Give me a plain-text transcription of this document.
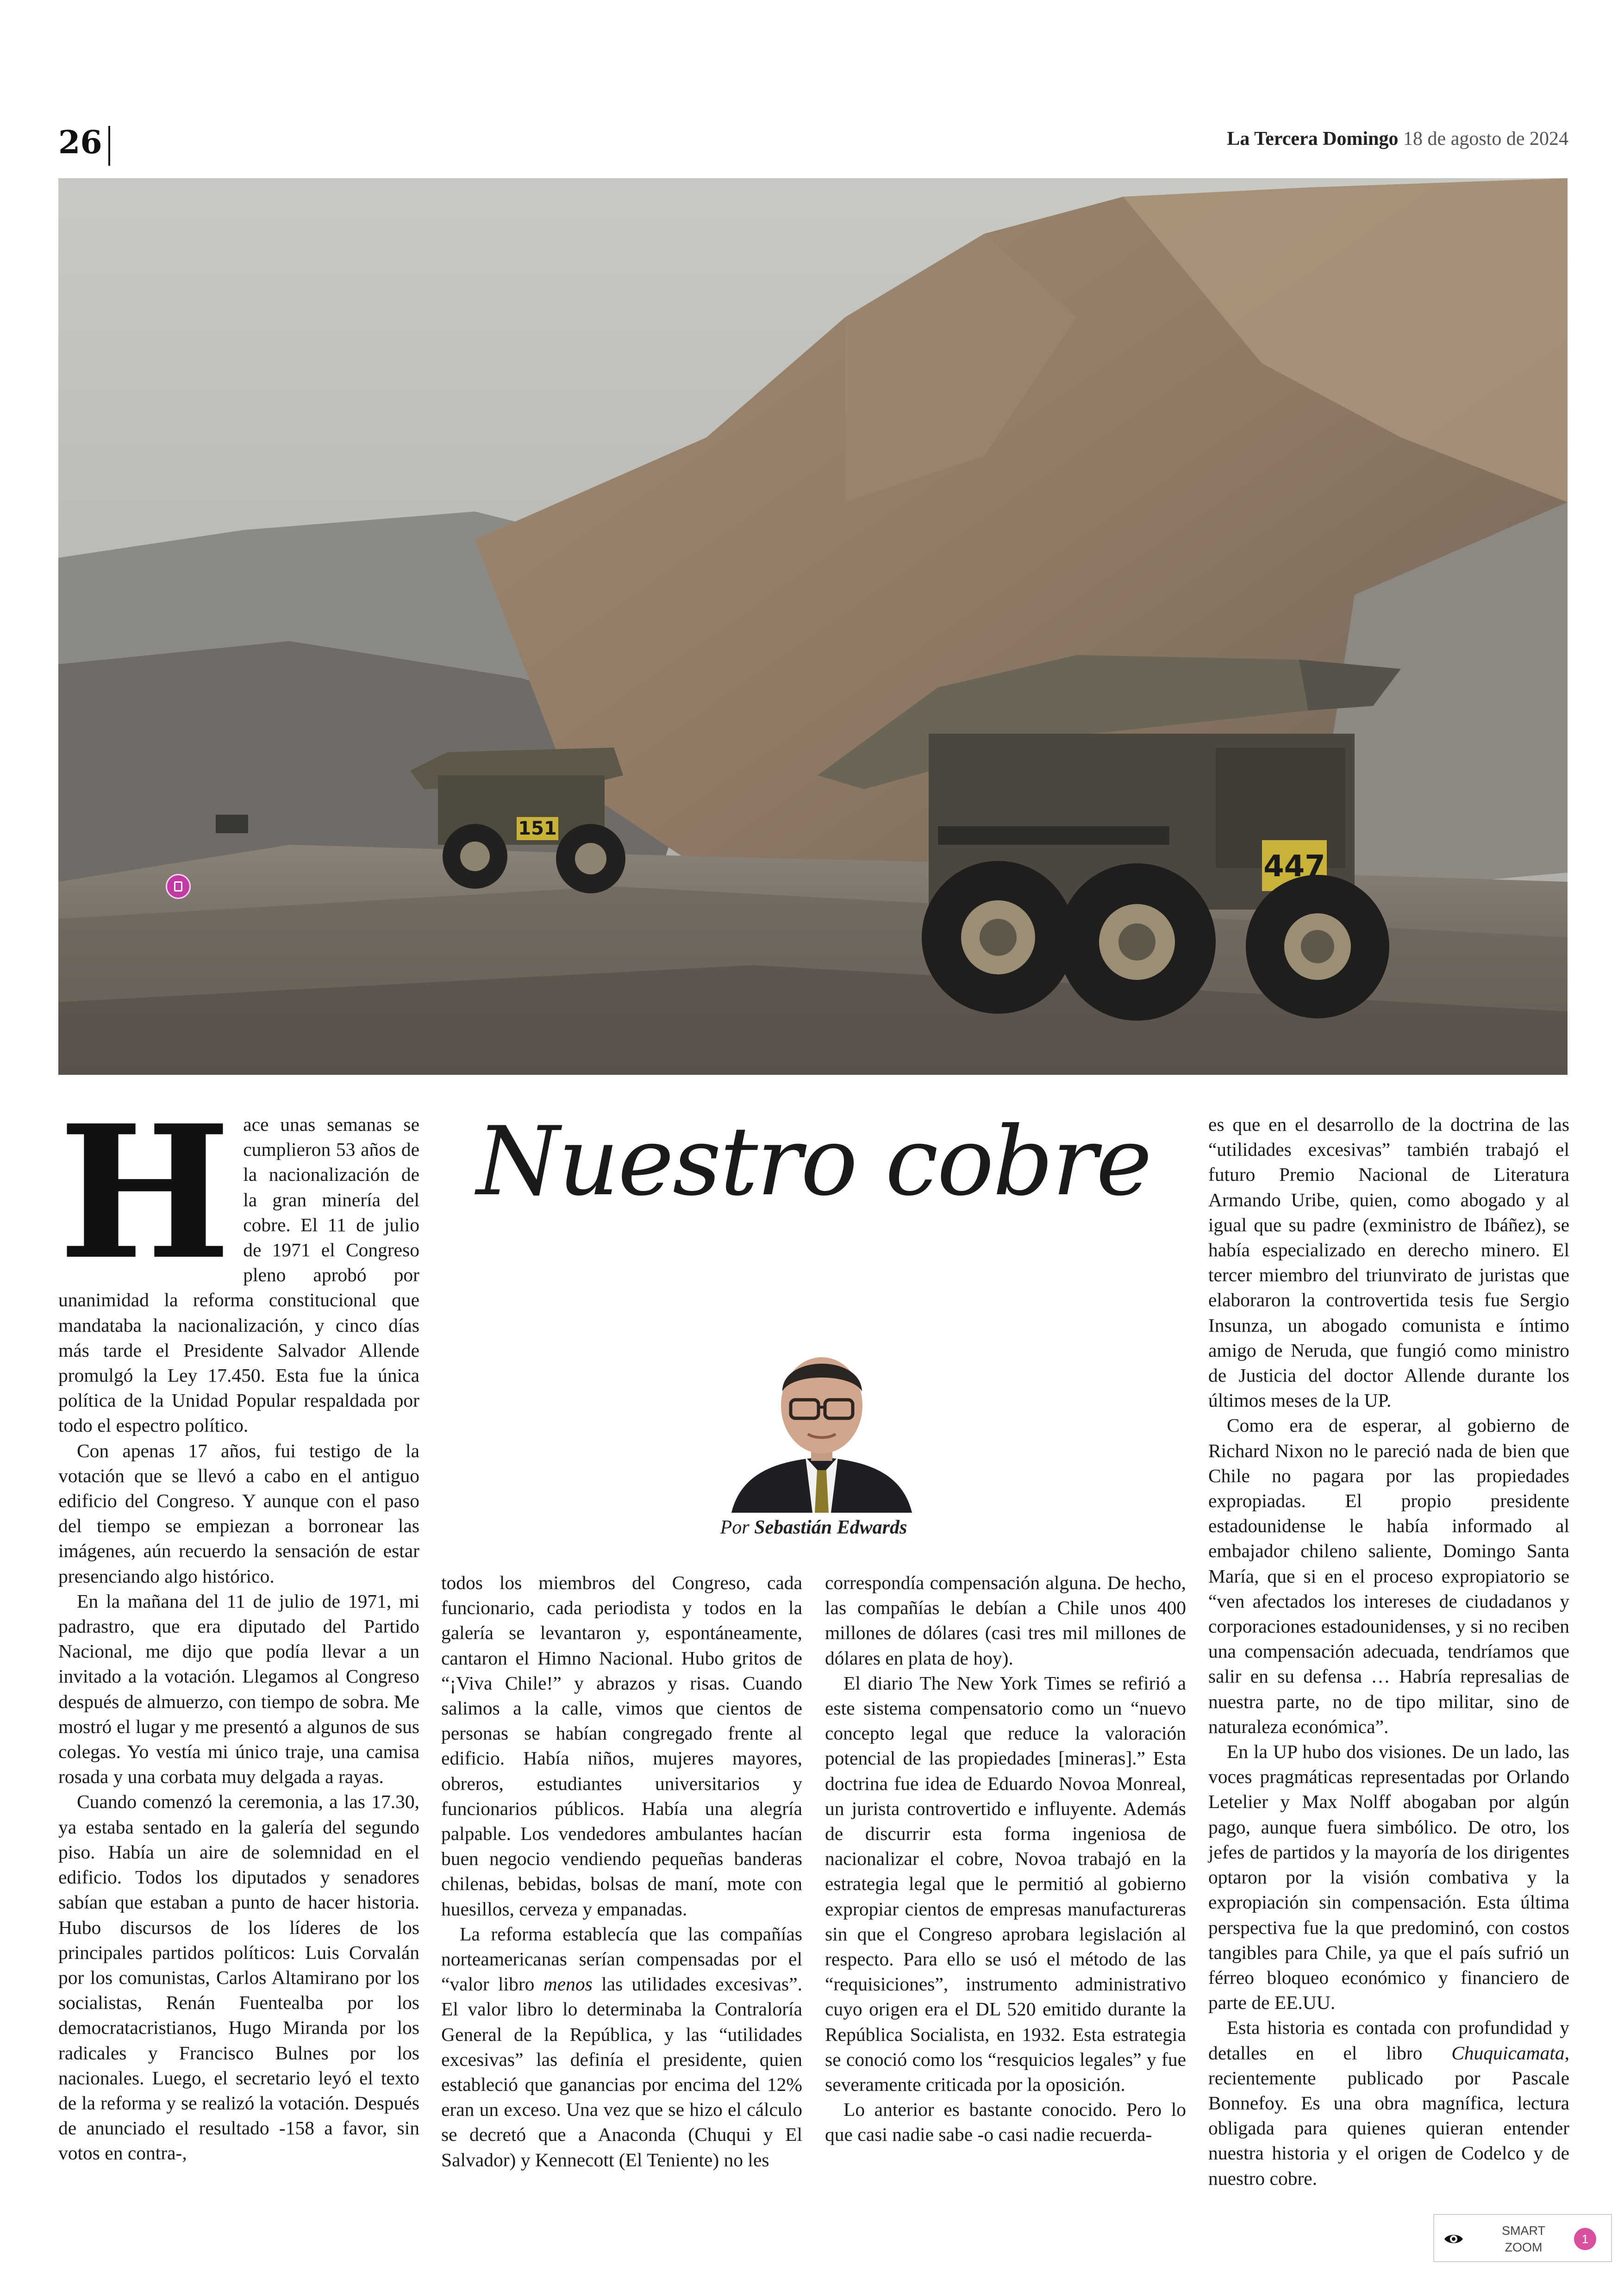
26	La Tercera Domingo 18 de agosto de 2024
151
447

Hace unas semanas se cumplieron 53 años de la nacionalización de la gran minería del cobre. El 11 de julio de 1971 el Congreso pleno aprobó por unanimidad la reforma constitucional que mandataba la nacionalización, y cinco días más tarde el Presidente Salvador Allende promulgó la Ley 17.450. Esta fue la única política de la Unidad Popular respaldada por todo el espectro político.

Con apenas 17 años, fui testigo de la votación que se llevó a cabo en el antiguo edificio del Congreso. Y aunque con el paso del tiempo se empiezan a borronear las imágenes, aún recuerdo la sensación de estar presenciando algo histórico.

En la mañana del 11 de julio de 1971, mi padrastro, que era diputado del Partido Nacional, me dijo que podía llevar a un invitado a la votación. Llegamos al Congreso después de almuerzo, con tiempo de sobra. Me mostró el lugar y me presentó a algunos de sus colegas. Yo vestía mi único traje, una camisa rosada y una corbata muy delgada a rayas.

Cuando comenzó la ceremonia, a las 17.30, ya estaba sentado en la galería del segundo piso. Había un aire de solemnidad en el edificio. Todos los diputados y senadores sabían que estaban a punto de hacer historia. Hubo discursos de los líderes de los principales partidos políticos: Luis Corvalán por los comunistas, Carlos Altamirano por los socialistas, Renán Fuentealba por los democratacristianos, Hugo Miranda por los radicales y Francisco Bulnes por los nacionales. Luego, el secretario leyó el texto de la reforma y se realizó la votación. Después de anunciado el resultado -158 a favor, sin votos en contra-,

Nuestro cobre
Por Sebastián Edwards

todos los miembros del Congreso, cada funcionario, cada periodista y todos en la galería se levantaron y, espontáneamente, cantaron el Himno Nacional. Hubo gritos de “¡Viva Chile!” y abrazos y risas. Cuando salimos a la calle, vimos que cientos de personas se habían congregado frente al edificio. Había niños, mujeres mayores, obreros, estudiantes universitarios y funcionarios públicos. Había una alegría palpable. Los vendedores ambulantes hacían buen negocio vendiendo pequeñas banderas chilenas, bebidas, bolsas de maní, mote con huesillos, cerveza y empanadas.

La reforma establecía que las compañías norteamericanas serían compensadas por el “valor libro menos las utilidades excesivas”. El valor libro lo determinaba la Contraloría General de la República, y las “utilidades excesivas” las definía el presidente, quien estableció que ganancias por encima del 12% eran un exceso. Una vez que se hizo el cálculo se decretó que a Anaconda (Chuqui y El Salvador) y Kennecott (El Teniente) no les

correspondía compensación alguna. De hecho, las compañías le debían a Chile unos 400 millones de dólares (casi tres mil millones de dólares en plata de hoy).

El diario The New York Times se refirió a este sistema compensatorio como un “nuevo concepto legal que reduce la valoración potencial de las propiedades [mineras].” Esta doctrina fue idea de Eduardo Novoa Monreal, un jurista controvertido e influyente. Además de discurrir esta forma ingeniosa de nacionalizar el cobre, Novoa trabajó en la estrategia legal que le permitió al gobierno expropiar cientos de empresas manufactureras sin que el Congreso aprobara legislación al respecto. Para ello se usó el método de las “requisiciones”, instrumento administrativo cuyo origen era el DL 520 emitido durante la República Socialista, en 1932. Esta estrategia se conoció como los “resquicios legales” y fue severamente criticada por la oposición.

Lo anterior es bastante conocido. Pero lo que casi nadie sabe -o casi nadie recuerda-

es que en el desarrollo de la doctrina de las “utilidades excesivas” también trabajó el futuro Premio Nacional de Literatura Armando Uribe, quien, como abogado y al igual que su padre (exministro de Ibáñez), se había especializado en derecho minero. El tercer miembro del triunvirato de juristas que elaboraron la controvertida tesis fue Sergio Insunza, un abogado comunista e íntimo amigo de Neruda, que fungió como ministro de Justicia del doctor Allende durante los últimos meses de la UP.

Como era de esperar, al gobierno de Richard Nixon no le pareció nada de bien que Chile no pagara por las propiedades expropiadas. El propio presidente estadounidense le había informado al embajador chileno saliente, Domingo Santa María, que si en el proceso expropiatorio se “ven afectados los intereses de ciudadanos y corporaciones estadounidenses, y si no reciben una compensación adecuada, tendríamos que salir en su defensa … Habría represalias de nuestra parte, no de tipo militar, sino de naturaleza económica”.

En la UP hubo dos visiones. De un lado, las voces pragmáticas representadas por Orlando Letelier y Max Nolff abogaban por algún pago, aunque fuera simbólico. De otro, los jefes de partidos y la mayoría de los dirigentes optaron por la visión combativa y la expropiación sin compensación. Esta última perspectiva fue la que predominó, con costos tangibles para Chile, ya que el país sufrió un férreo bloqueo económico y financiero de parte de EE.UU.

Esta historia es contada con profundidad y detalles en el libro Chuquicamata, recientemente publicado por Pascale Bonnefoy. Es una obra magnífica, lectura obligada para quienes quieran entender nuestra historia y el origen de Codelco y de nuestro cobre.

SMART
ZOOM
1
